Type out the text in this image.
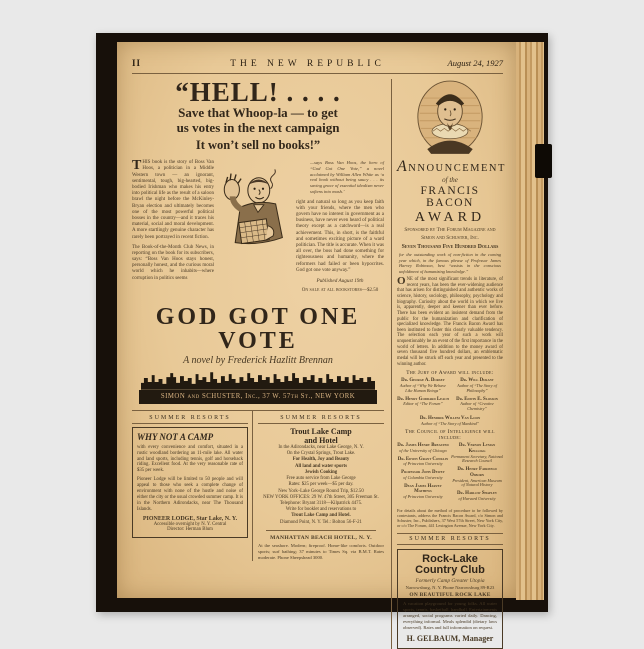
II	THE NEW REPUBLIC	August 24, 1927
“HELL! . . . .
Save that Whoop-la — to get
us votes in the next campaign
It won’t sell no books!”

THIS book is the story of Boss Van Hoos, a politician in a Middle Western town — an ignorant, sentimental, tough, big-hearted, big-bodied Irishman who makes his entry into political life as the result of a saloon brawl the night before the McKinley-Bryan election and ultimately becomes one of the most powerful political bosses in the country—and it traces his material, social and moral development. A more startlingly genuine character has rarely been portrayed in recent fiction.

The Book-of-the-Month Club News, in reporting on the book for its subscribers, says: “Boss Van Hoos stays honest, personally honest, and the curious moral world which he inhabits—where corruption in politics seems

—says Boss Van Hoos, the hero of “God Got One Vote,” a novel acclaimed by William Allen White as ‘a real book without being saucy . . . its saving grace of essential idealism never softens into mush.’

right and natural so long as you keep faith with your friends, where the men who govern have no interest in government as a business, have never even heard of political theory except as a catchword—is a real achievement. This, in short, is the faithful and sometimes exciting picture of a ward politician. The title is accurate. When it was all over, the boss had done something for righteousness and humanity, where the reformers had failed or been hypocrites. God got one vote anyway.”

Published August 19th

On sale at all bookstores—$2.50

GOD GOT ONE VOTE
A novel by Frederick Hazlitt Brennan
SIMON and SCHUSTER, Inc., 37 W. 57th St., NEW YORK
SUMMER RESORTS
WHY NOT A CAMP

with every convenience and comfort, situated in a rustic woodland bordering an 11-mile lake. All water and land sports, including tennis, golf and horseback riding. Excellent food. At the very reasonable rate of $35 per week.

Pioneer Lodge will be limited to 50 people and will appeal to those who seek a complete change of environment with none of the hustle and noise of either the city or the usual crowded summer camp. It is in the Northern Adirondacks, near The Thousand Islands.

PIONEER LODGE, Star Lake, N. Y.
Accessible overnight by N. Y. Central
Director: Herman Blum
SUMMER RESORTS
Trout Lake Camp
and Hotel
In the Adirondacks, near Lake George, N. Y.
On the Crystal Springs, Trout Lake.
For Health, Joy and Beauty
All land and water sports
Jewish Cooking
Free auto service from Lake George
Rates: $25 per week—$5 per day.
New York–Lake George Round Trip, $12.50
NEW YORK OFFICES: 29 W. 47th Street, 305 Freeman St.
Telephone: Bryant 3118—Kilpatrick 4475.
Write for booklet and reservations to
Trout Lake Camp and Hotel.
Diamond Point, N. Y. Tel.: Bolton 56-F-21
MANHATTAN BEACH HOTEL, N. Y.

At the seashore. Modern; fireproof. Home-like comforts. Outdoor sports; surf bathing; 37 minutes to Times Sq. via B.M.T. Rates moderate. Phone Sheepshead 3000.

ANNOUNCEMENT
of the
FRANCIS BACON
AWARD
Sponsored by The Forum Magazine and
Simon and Schuster, Inc.
Seven Thousand Five Hundred Dollars

for the outstanding work of non-fiction in the coming year which, in the famous phrase of Professor James Harvey Robinson, best “assists in the conscious unfoldment of humanizing knowledge.”

ONE of the most significant trends in literature, of recent years, has been the ever-widening audience that has arisen for distinguished and authentic works of science, history, sociology, philosophy, psychology and biography. Curiosity about the world in which we live is, apparently, deeper and keener than ever before. There has been evident an insistent demand from the public for the humanization and clarification of specialized knowledge. The Francis Bacon Award has been instituted to foster this clearly valuable tendency. The selection each year of such a work will unquestionably be an event of the first importance in the world of letters. In addition to the money award of seven thousand five hundred dollars, an emblematic medal will be struck off each year and presented to the winning author.

The Jury of Award will include:
Dr. George A. Dorsey
Author of “Why We Behave Like Human Beings”
Dr. Henry Goddard Leach
Editor of “The Forum”
Dr. Will Durant
Author of “The Story of Philosophy”
Dr. Edwin E. Slosson
Author of “Creative Chemistry”
Dr. Hendrik Willem Van Loon
Author of “The Story of Mankind”
The Council of Intelligence will include:
Dr. James Henry Breasted
of the University of Chicago
Dr. Edwin Grant Conklin
of Princeton University
Professor John Dewey
of Columbia University
Dean James Harvey Mathews
of Princeton University
Dr. Vernon Lyman Kellogg
Permanent Secretary, National Research Council
Dr. Henry Fairfield Osborn
President, American Museum of Natural History
Dr. Harlow Shapley
of Harvard University

For details about the method of procedure to be followed by contestants, address the Francis Bacon Award, c/o Simon and Schuster, Inc., Publishers, 37 West 57th Street, New York City, or c/o The Forum, 441 Lexington Avenue, New York City.

SUMMER RESORTS
Rock-Lake Country Club
Formerly Camp Greater Utopia
Narrowsburg, N. Y. Phone Narrowsburg 89-R23
ON BEAUTIFUL ROCK LAKE

A vacation playground for young folks. All water sports, tennis, basketball, handball. Entertainments arranged, social programs varied daily. Dancing, everything informal. Meals splendid (dietary laws observed). Rates and full information on request.

H. GELBAUM, Manager
